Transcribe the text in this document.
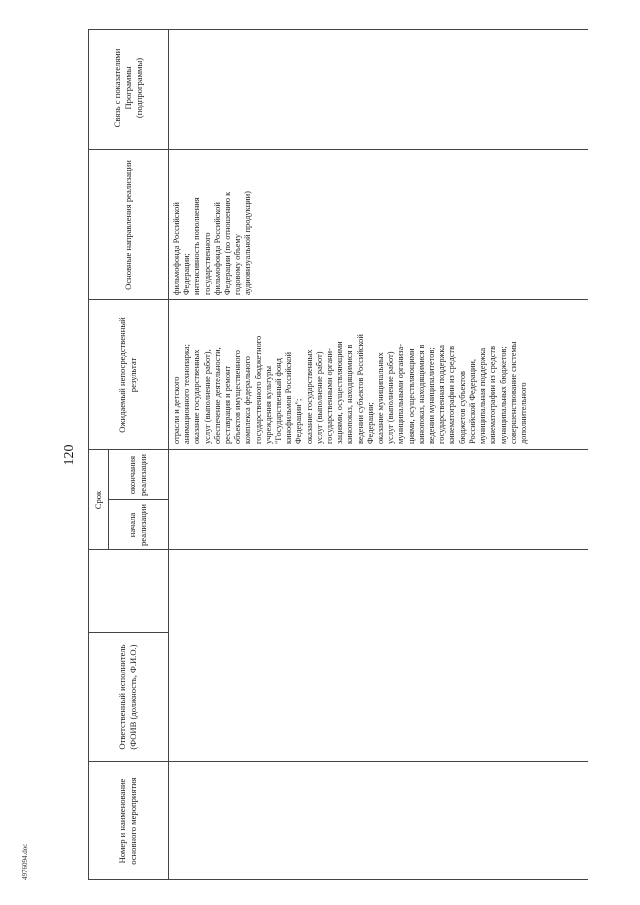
120
Номер и наименование основного мероприятия
Ответственный исполнитель (ФОИВ (должность, Ф.И.О.)
Срок
начала реализации
окончания реализации
Ожидаемый непосредственный результат
Основные направления реализации
Связь с показателями Программы (подпрограммы)
отрасли и детского анимационного технопарка; оказание государственных услуг (выполнение работ), обеспечение деятельности, реставрация и ремонт объектов имущественного комплекса федерального государственного бюджетного учреждения культуры "Государственный фонд кинофильмов Российской Федерации"; оказание государственных услуг (выполнение работ) государственными органи- зациями, осуществляющими кинопоказ, находящимися в ведении субъектов Российской Федерации; оказание муниципальных услуг (выполнение работ) муниципальными организа- циями, осуществляющими кинопоказ, находящимися в ведении муниципалитетов; государственная поддержка кинематографии из средств бюджетов субъектов Российской Федерации, муниципальная поддержка кинематографии из средств муниципальных бюджетов; совершенствование системы дополнительного
фильмофонда Российской Федерации; интенсивность пополнения государственного фильмофонда Российской Федерации (по отношению к годовому объему аудиовизуальной продукции)
4976094.doc
